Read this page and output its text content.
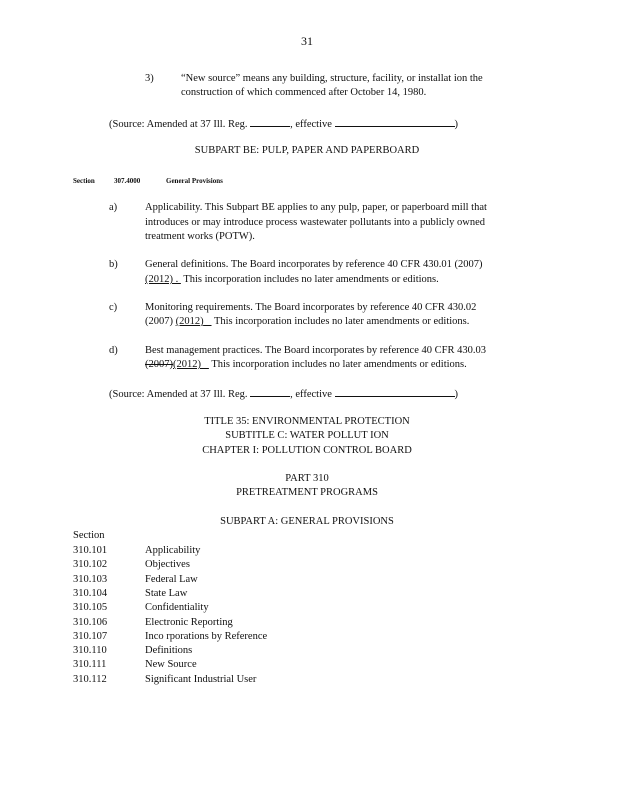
31
3)	“New source” means any building, structure, facility, or installat ion the
construction of which commenced after October 14, 1980.
(Source: Amended at 37 Ill. Reg.	, effective	)
SUBPART BE: PULP, PAPER AND PAPERBOARD
Section	307.4000	General Provisions
a)	Applicability. This Subpart BE applies to any pulp, paper, or paperboard mill that
introduces or may introduce process wastewater pollutants into a publicly owned
treatment works (POTW).
b)	General definitions. The Board incorporates by reference 40 CFR 430.01 (2007)
(2012) .  This incorporation includes no later amendments or editions.
c)	Monitoring requirements. The Board incorporates by reference 40 CFR 430.02
(2007) (2012) This incorporation includes no later amendments or editions.
d)	Best management practices. The Board incorporates by reference 40 CFR 430.03
(2007)(2012) This incorporation includes no later amendments or editions.
(Source: Amended at 37 Ill. Reg.	, effective	)
TITLE 35: ENVIRONMENTAL PROTECTION
SUBTITLE C: WATER POLLUT ION
CHAPTER I: POLLUTION CONTROL BOARD
PART 310
PRETREATMENT PROGRAMS
SUBPART A: GENERAL PROVISIONS
Section
310.101	Applicability
310.102	Objectives
310.103	Federal Law
310.104	State Law
310.105	Confidentiality
310.106	Electronic Reporting
310.107	Inco rporations by Reference
310.110	Definitions
310.111	New Source
310.112	Significant Industrial User
